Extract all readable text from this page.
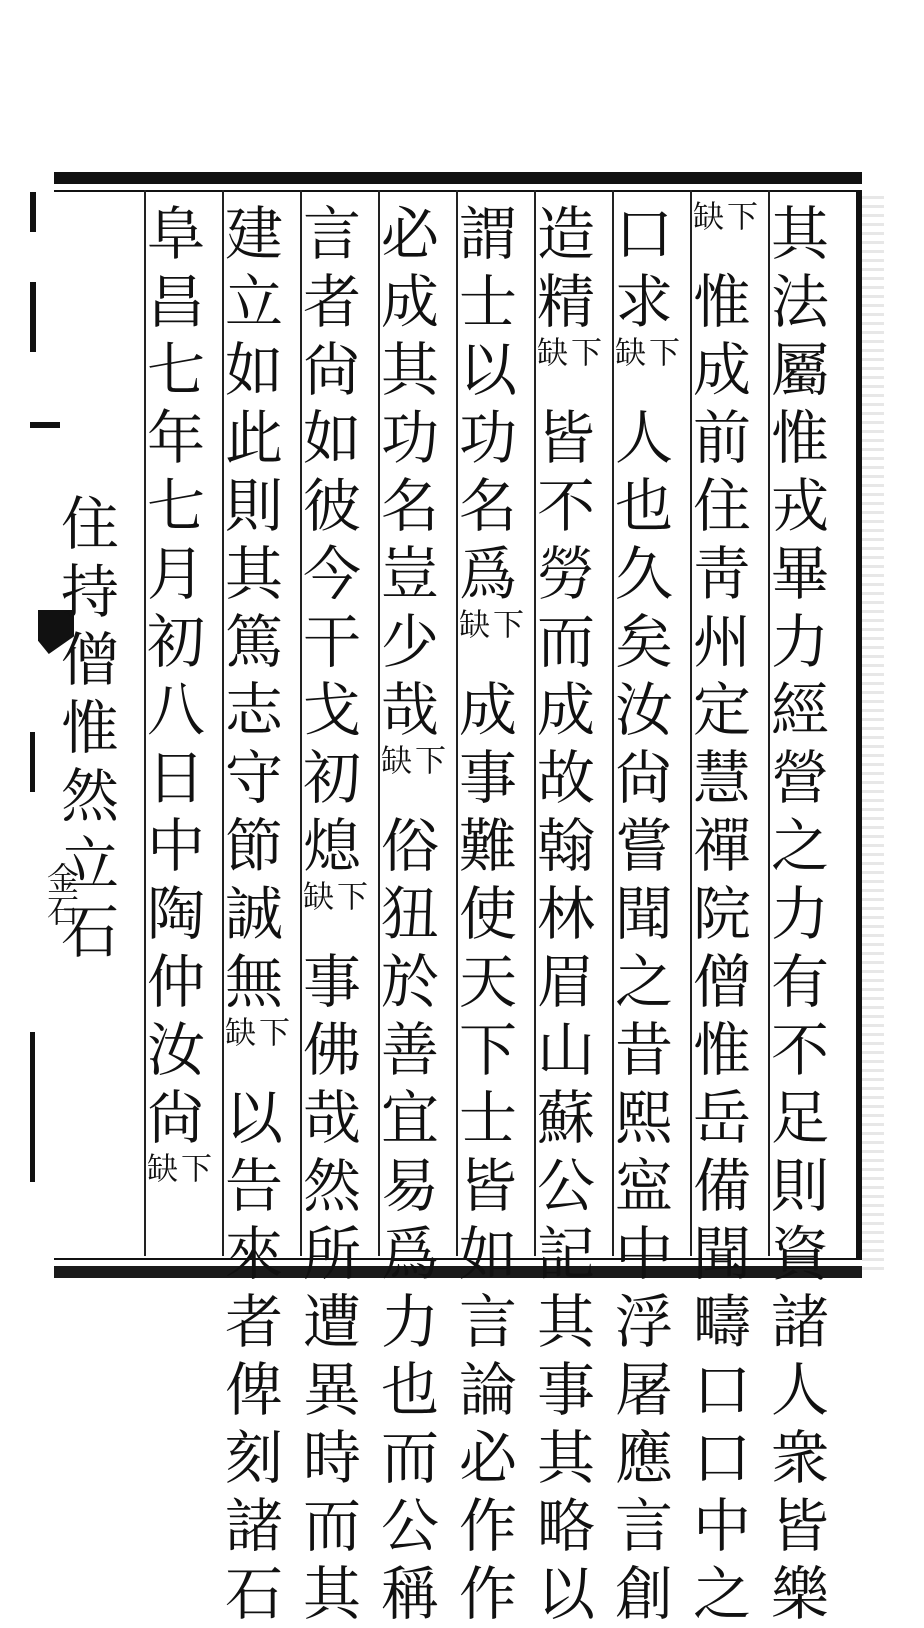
金石
其
法
屬
惟
戎
畢
力
經
營
之
力
有
不
足
則
資
諸
人
衆
皆
樂
下
缺
惟
成
前
住
靑
州
定
慧
禪
院
僧
惟
岳
備
聞
疇
口
口
中
之
口
求
下
缺
人
也
久
矣
汝
尙
嘗
聞
之
昔
熙
寍
中
浮
屠
應
言
創
造
精
下
缺
皆
不
勞
而
成
故
翰
林
眉
山
蘇
公
記
其
事
其
略
以
謂
士
以
功
名
爲
下
缺
成
事
難
使
天
下
士
皆
如
言
論
必
作
作
必
成
其
功
名
豈
少
哉
下
缺
俗
狃
於
善
宜
易
爲
力
也
而
公
稱
言
者
尙
如
彼
今
干
戈
初
熄
下
缺
事
佛
哉
然
所
遭
異
時
而
其
建
立
如
此
則
其
篤
志
守
節
誠
無
下
缺
以
告
來
者
俾
刻
諸
石
阜
昌
七
年
七
月
初
八
日
中
陶
仲
汝
尙
下
缺
住
持
僧
惟
然
立
石
